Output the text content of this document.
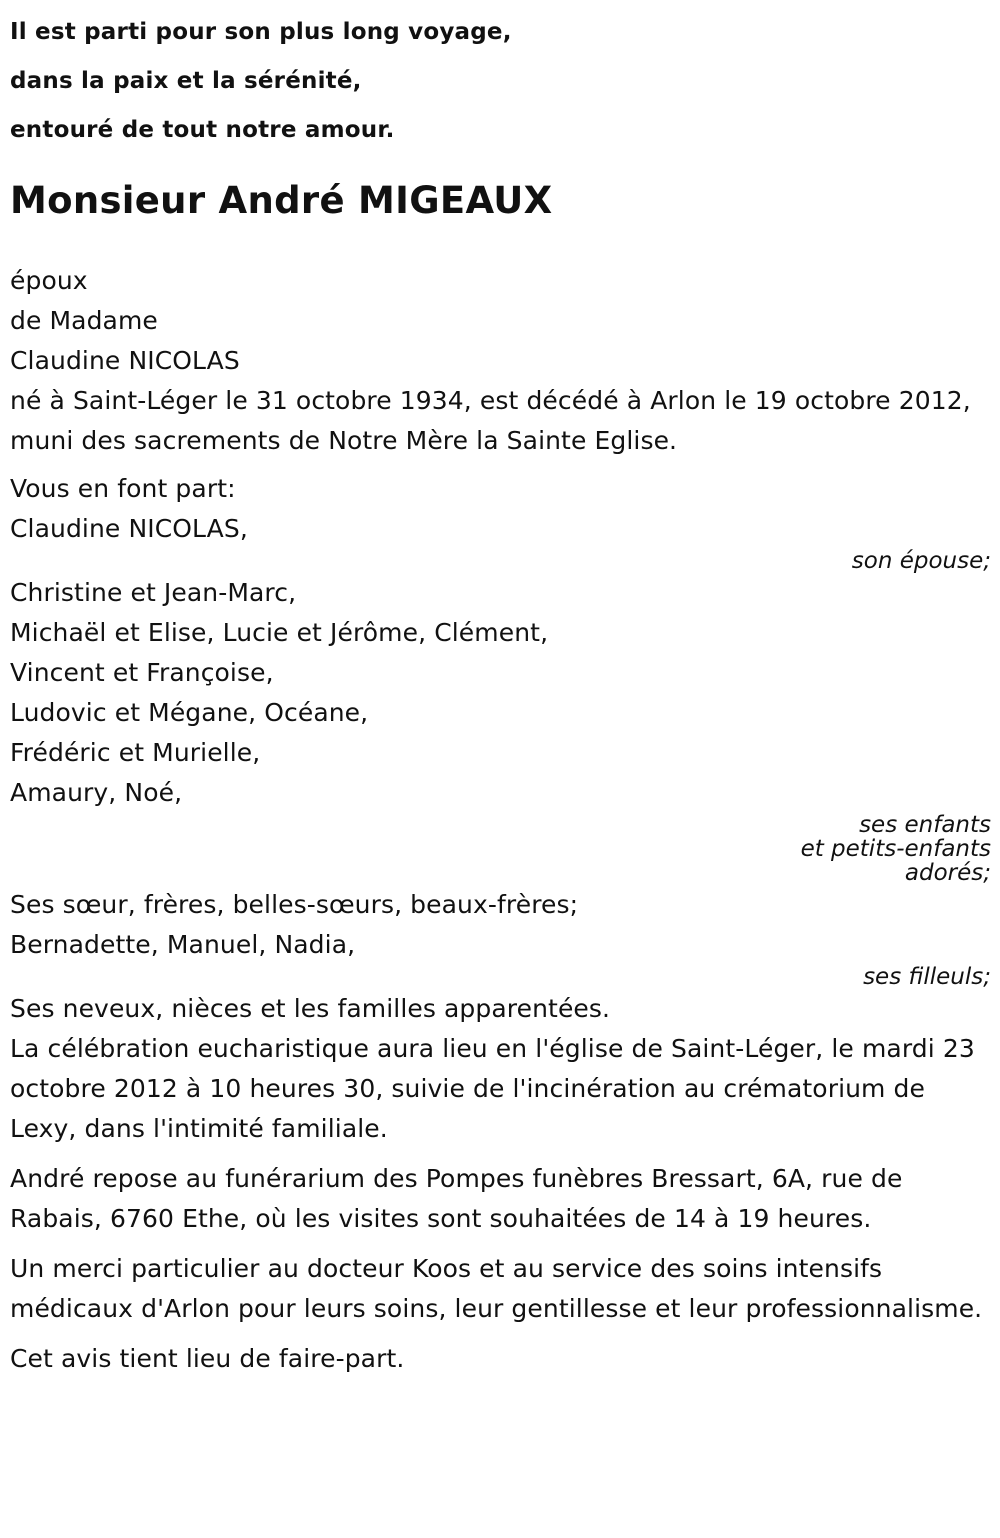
Il est parti pour son plus long voyage,

dans la paix et la sérénité,

entouré de tout notre amour.

Monsieur André MIGEAUX
époux
de Madame
Claudine NICOLAS

né à Saint-Léger le 31 octobre 1934, est décédé à Arlon le 19 octobre 2012, muni des sacrements de Notre Mère la Sainte Eglise.

Vous en font part:
Claudine NICOLAS,
son épouse;
Christine et Jean-Marc,
Michaël et Elise, Lucie et Jérôme, Clément,
Vincent et Françoise,
Ludovic et Mégane, Océane,
Frédéric et Murielle,
Amaury, Noé,
ses enfants
et petits-enfants
adorés;
Ses sœur, frères, belles-sœurs, beaux-frères;
Bernadette, Manuel, Nadia,
ses filleuls;
Ses neveux, nièces et les familles apparentées.

La célébration eucharistique aura lieu en l'église de Saint-Léger, le mardi 23 octobre 2012 à 10 heures 30, suivie de l'incinération au crématorium de Lexy, dans l'intimité familiale.

André repose au funérarium des Pompes funèbres Bressart, 6A, rue de Rabais, 6760 Ethe, où les visites sont souhaitées de 14 à 19 heures.

Un merci particulier au docteur Koos et au service des soins intensifs médicaux d'Arlon pour leurs soins, leur gentillesse et leur professionnalisme.

Cet avis tient lieu de faire-part.
